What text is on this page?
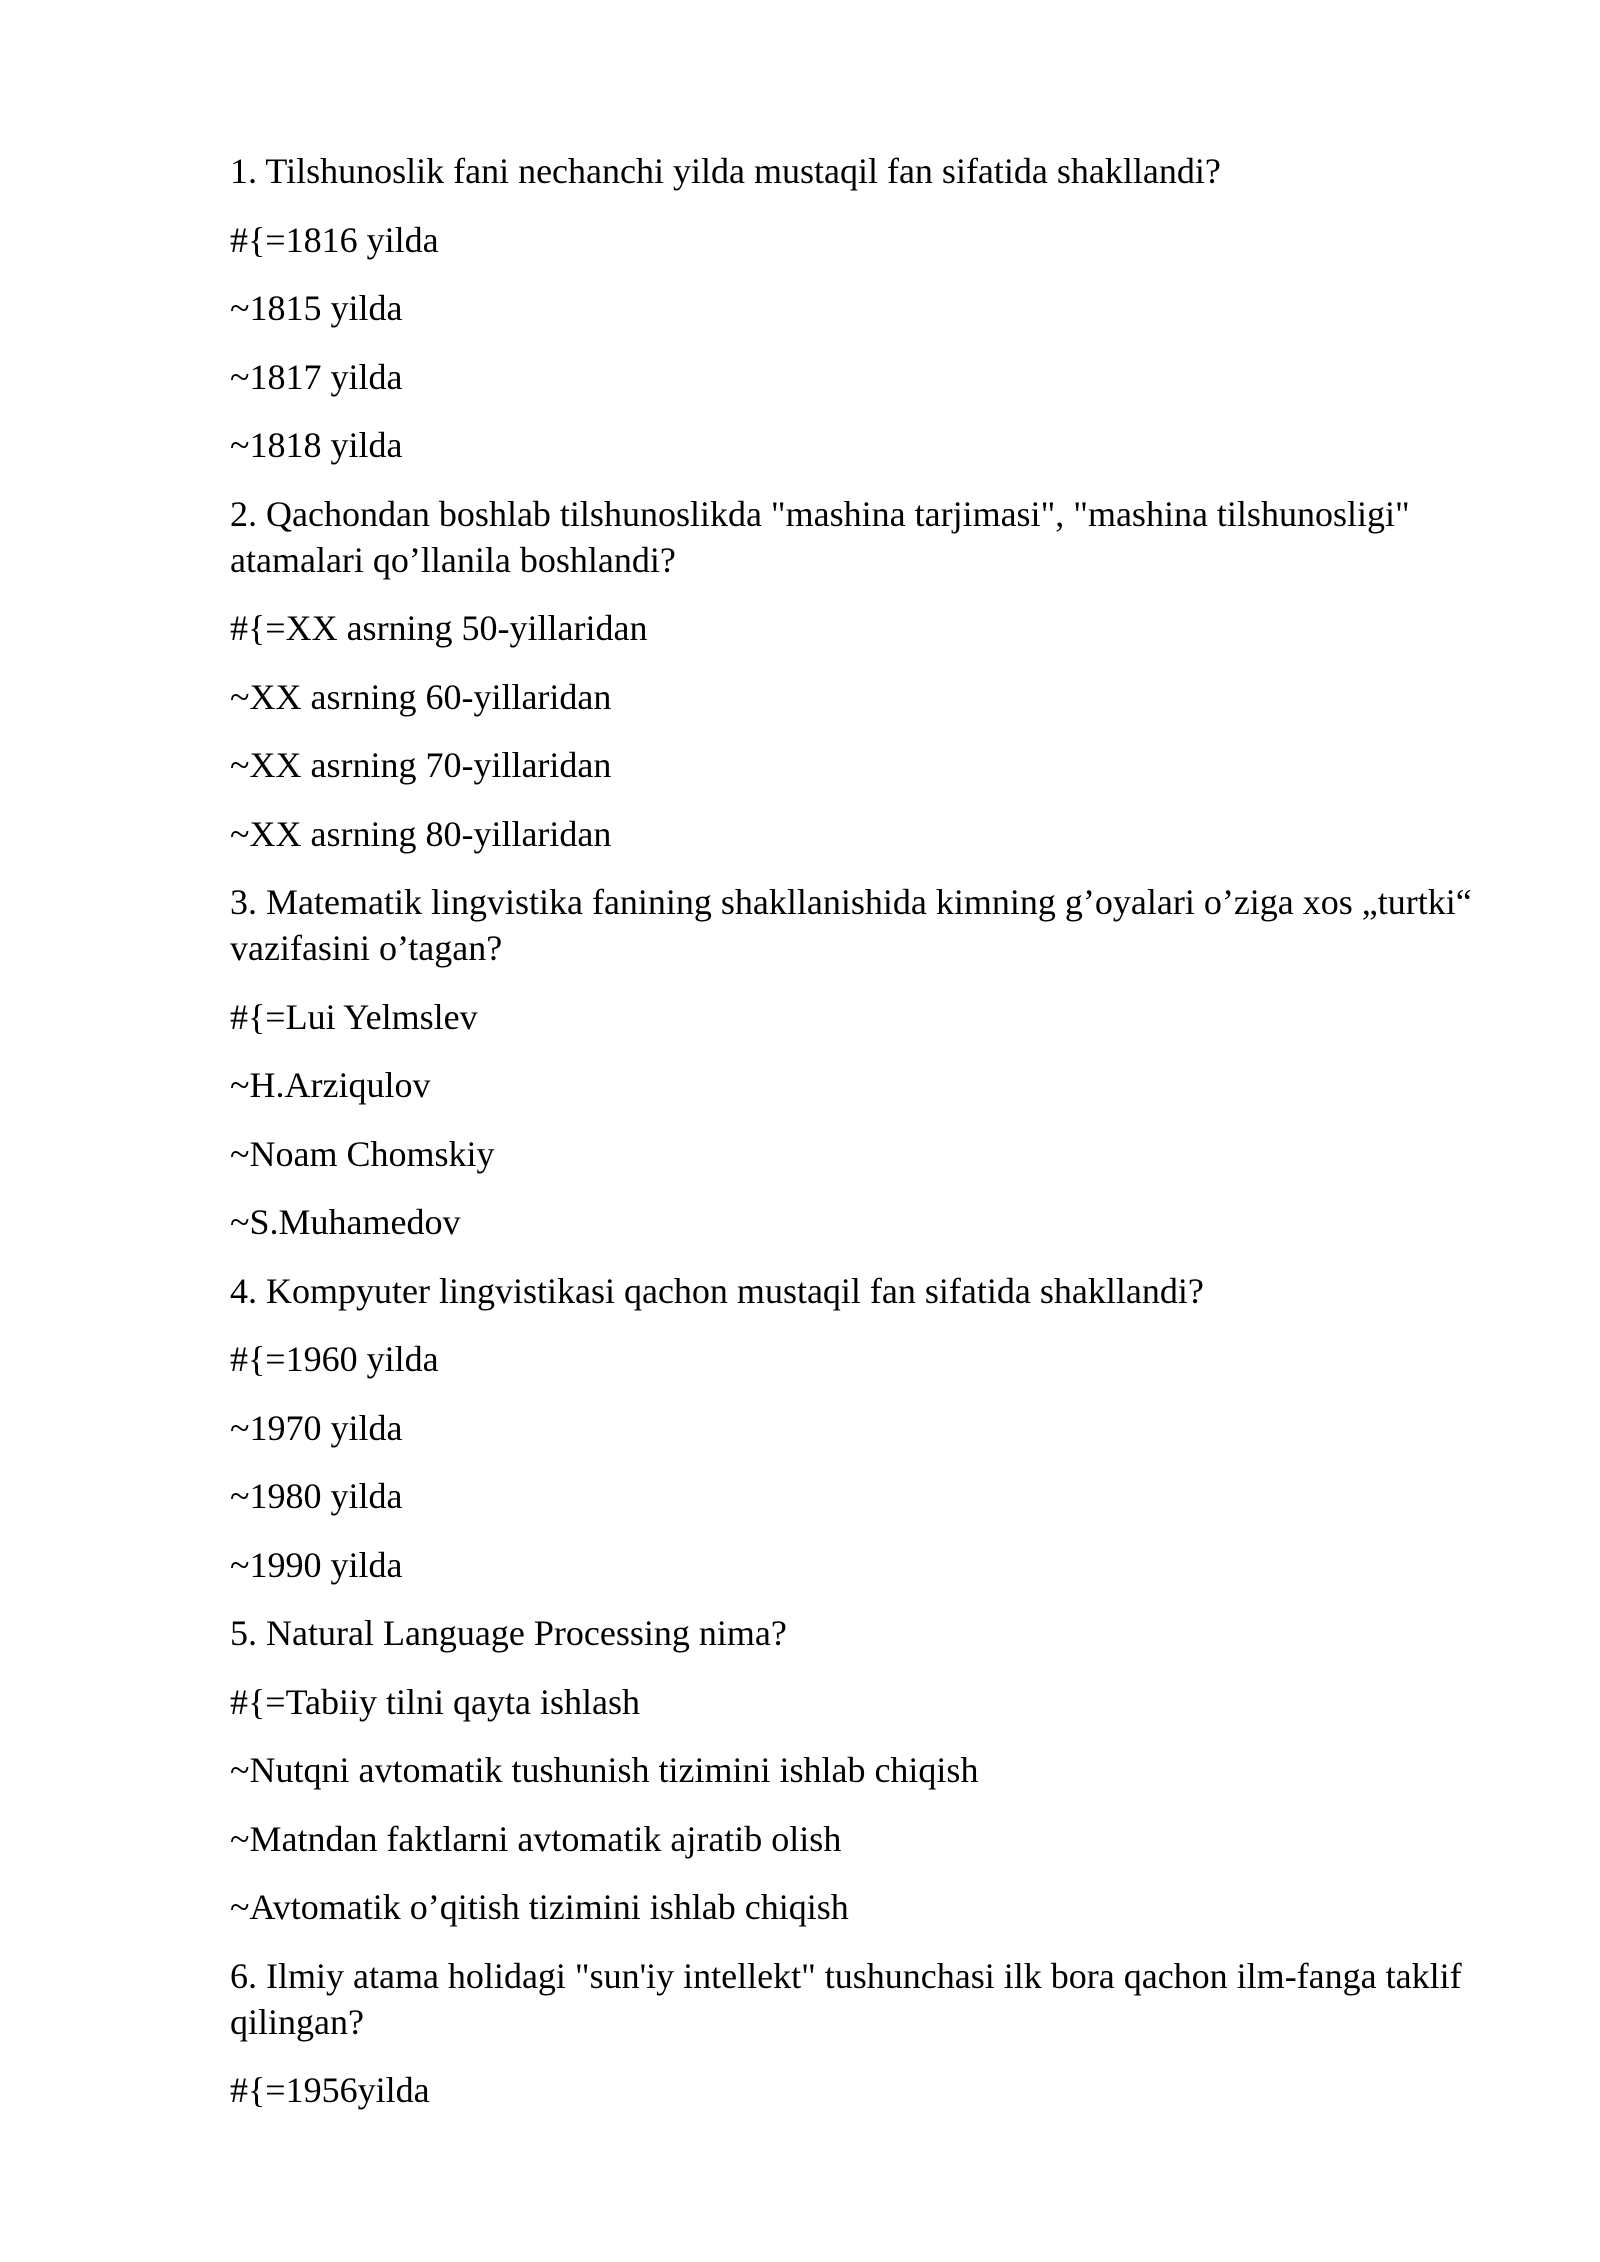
1. Tilshunoslik fani nechanchi yilda mustaqil fan sifatida shakllandi?
#{=1816 yilda
~1815 yilda
~1817 yilda
~1818 yilda
2. Qachondan boshlab tilshunoslikda "mashina tarjimasi", "mashina tilshunosligi" atamalari qo’llanila boshlandi?
#{=XX asrning 50-yillaridan
~XX asrning 60-yillaridan
~XX asrning 70-yillaridan
~XX asrning 80-yillaridan
3. Matematik lingvistika fanining shakllanishida kimning g’oyalari o’ziga xos „turtki“ vazifasini o’tagan?
#{=Lui Yelmslev
~H.Arziqulov
~Noam Chomskiy
~S.Muhamedov
4. Kompyuter lingvistikasi qachon mustaqil fan sifatida shakllandi?
#{=1960 yilda
~1970 yilda
~1980 yilda
~1990 yilda
5. Natural Language Processing nima?
#{=Tabiiy tilni qayta ishlash
~Nutqni avtomatik tushunish tizimini ishlab chiqish
~Matndan faktlarni avtomatik ajratib olish
~Avtomatik o’qitish tizimini ishlab chiqish
6. Ilmiy atama holidagi "sun'iy intellekt" tushunchasi ilk bora qachon ilm-fanga taklif qilingan?
#{=1956yilda
